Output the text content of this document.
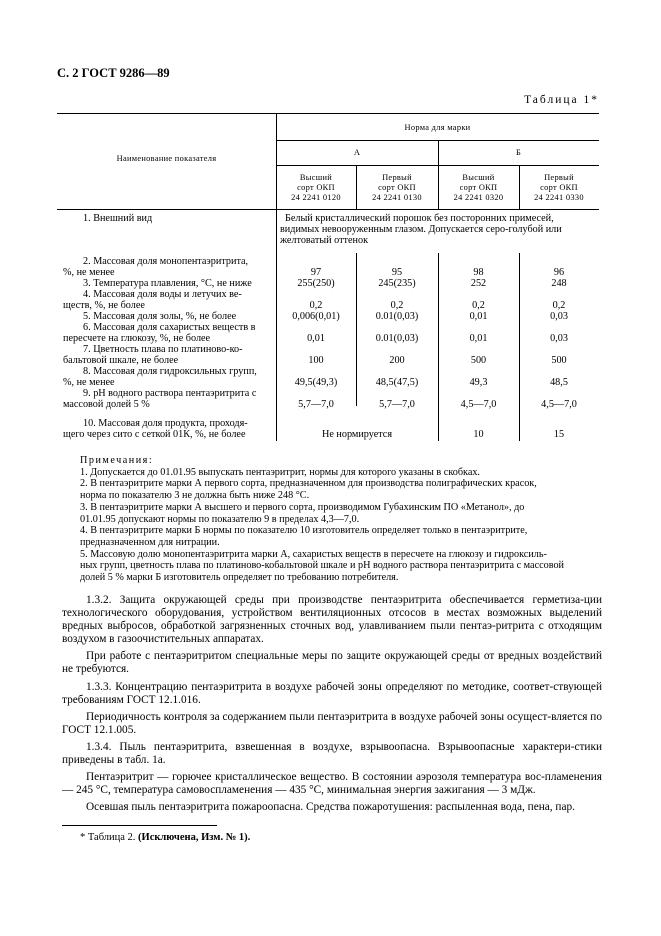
С. 2 ГОСТ 9286—89
Таблица 1*
Наименование показателя
Норма для марки
А	Б
Высший
сорт ОКП
24 2241 0120
Первый
сорт ОКП
24 2241 0130
Высший
сорт ОКП
24 2241 0320
Первый
сорт ОКП
24 2241 0330
1. Внешний вид	Белый кристаллический порошок без посторонних примесей,
видимых невооруженным глазом. Допускается серо-голубой или
желтоватый оттенок
2. Массовая доля монопентаэритрита,
%, не менее	97	95	98	96
3. Температура плавления, °С, не ниже	255(250)	245(235)	252	248
4. Массовая доля воды и летучих ве-
ществ, %, не более	0,2	0,2	0,2	0,2
5. Массовая доля золы, %, не более	0,006(0,01)	0.01(0,03)	0,01	0,03
6. Массовая доля сахаристых веществ в
пересчете на глюкозу, %, не более	0,01	0.01(0,03)	0,01	0,03
7. Цветность плава по платиново-ко-
бальтовой шкале, не более	100	200	500	500
8. Массовая доля гидроксильных групп,
%, не менее	49,5(49,3)	48,5(47,5)	49,3	48,5
9. pH водного раствора пентаэритрита с
массовой долей 5 %	5,7—7,0	5,7—7,0	4,5—7,0	4,5—7,0
10. Массовая доля продукта, проходя-
щего через сито с сеткой 01К, %, не более	Не нормируется	10	15

Примечания:

1. Допускается до 01.01.95 выпускать пентаэритрит, нормы для которого указаны в скобках.

2. В пентаэритрите марки А первого сорта, предназначенном для производства полиграфических красок,

норма по показателю 3 не должна быть ниже 248 °С.

3. В пентаэритрите марки А высшего и первого сорта, производимом Губахинским ПО «Метанол», до

01.01.95 допускают нормы по показателю 9 в пределах 4,3—7,0.

4. В пентаэритрите марки Б нормы по показателю 10 изготовитель определяет только в пентаэритрите,

предназначенном для нитрации.

5. Массовую долю монопентаэритрита марки А, сахаристых веществ в пересчете на глюкозу и гидроксиль-

ных групп, цветность плава по платиново-кобальтовой шкале и pH водного раствора пентаэритрита с массовой

долей 5 % марки Б изготовитель определяет по требованию потребителя.

1.3.2. Защита окружающей среды при производстве пентаэритрита обеспечивается герметиза-ции технологического оборудования, устройством вентиляционных отсосов в местах возможных выделений вредных выбросов, обработкой загрязненных сточных вод, улавливанием пыли пентаэ-ритрита с отходящим воздухом в газоочистительных аппаратах.

При работе с пентаэритритом специальные меры по защите окружающей среды от вредных воздействий не требуются.

1.3.3. Концентрацию пентаэритрита в воздухе рабочей зоны определяют по методике, соответ-ствующей требованиям ГОСТ 12.1.016.

Периодичность контроля за содержанием пыли пентаэритрита в воздухе рабочей зоны осущест-вляется по ГОСТ 12.1.005.

1.3.4. Пыль пентаэритрита, взвешенная в воздухе, взрывоопасна. Взрывоопасные характери-стики приведены в табл. 1а.

Пентаэритрит — горючее кристаллическое вещество. В состоянии аэрозоля температура вос-пламенения — 245 °С, температура самовоспламенения — 435 °С, минимальная энергия зажигания — 3 мДж.

Осевшая пыль пентаэритрита пожароопасна. Средства пожаротушения: распыленная вода, пена, пар.

* Таблица 2. (Исключена, Изм. № 1).
